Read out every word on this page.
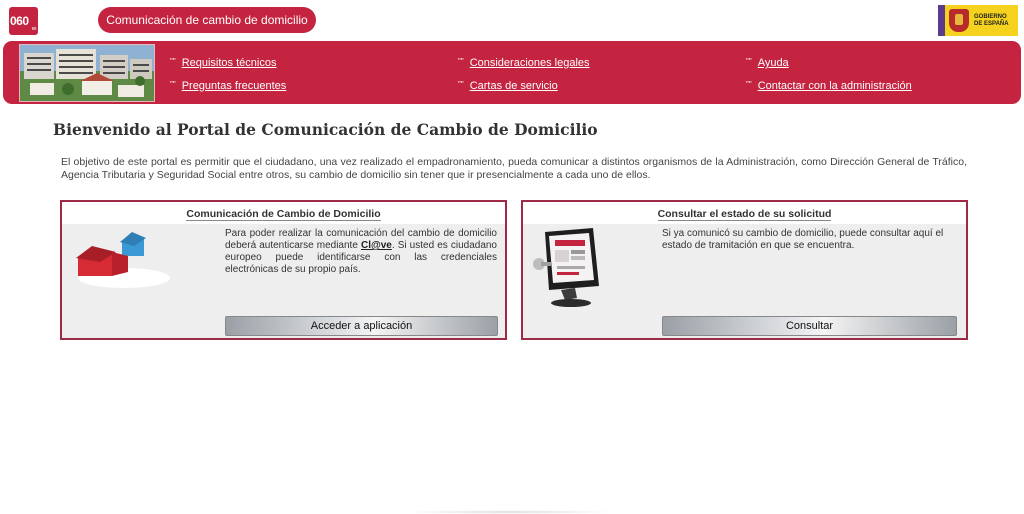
060
es
Comunicación de cambio de domicilio	GOBIERNO DE ESPAÑA
"" Requisitos técnicos	"" Consideraciones legales	"" Ayuda
"" Preguntas frecuentes	"" Cartas de servicio	"" Contactar con la administración
Bienvenido al Portal de Comunicación de Cambio de Domicilio
El objetivo de este portal es permitir que el ciudadano, una vez realizado el empadronamiento, pueda comunicar a distintos organismos de la Administración, como Dirección General de Tráfico, Agencia Tributaria y Seguridad Social entre otros, su cambio de domicilio sin tener que ir presencialmente a cada uno de ellos.
Comunicación de Cambio de Domicilio
Para poder realizar la comunicación del cambio de domicilio deberá autenticarse mediante Cl@ve. Si usted es ciudadano europeo puede identificarse con las credenciales electrónicas de su propio país.
Acceder a aplicación
Consultar el estado de su solicitud
Si ya comunicó su cambio de domicilio, puede consultar aquí el estado de tramitación en que se encuentra.
Consultar
